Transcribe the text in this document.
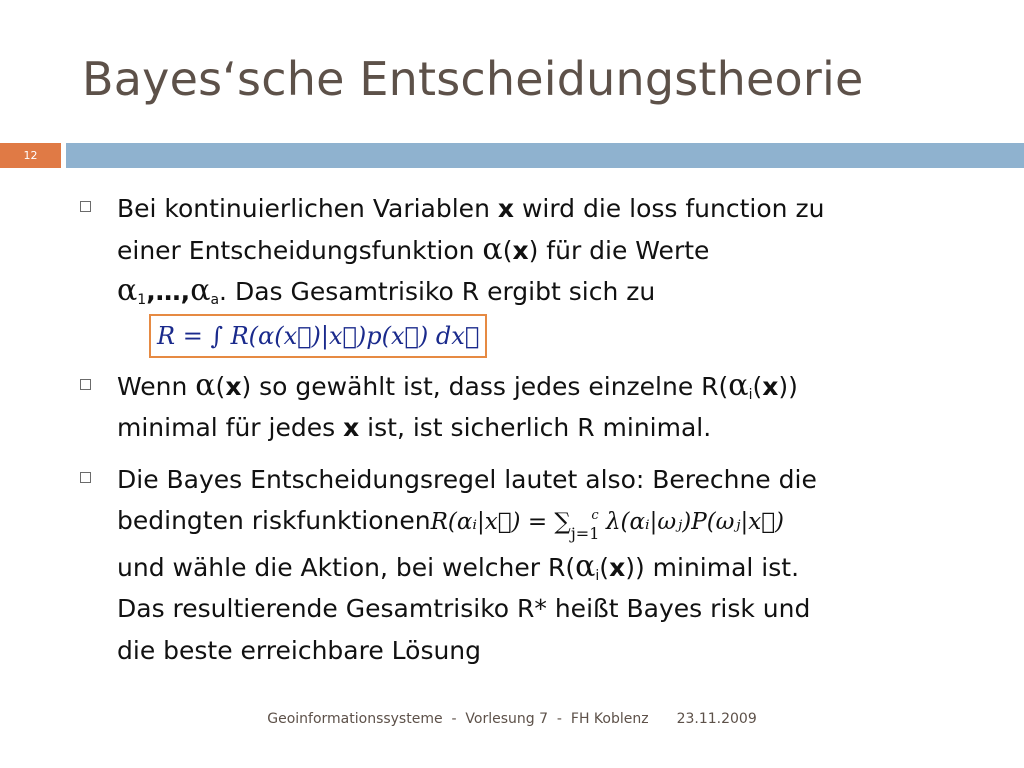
Bayes‘sche Entscheidungstheorie
12
Bei kontinuierlichen Variablen x wird die loss function zu
einer Entscheidungsfunktion α(x) für die Werte
$\alpha_1,\dots,\alpha_a$. Das Gesamtrisiko R ergibt sich zu
R = ∫ R(α(x⃗)|x⃗)p(x⃗) dx⃗
Wenn α(x) so gewählt ist, dass jedes einzelne $R(\alpha_i(x))$
minimal für jedes x ist, ist sicherlich R minimal.
Die Bayes Entscheidungsregel lautet also: Berechne die
bedingten riskfunktionenR(αᵢ|x⃗) = $\sum_{j=1}^c$ λ(αᵢ|ωⱼ)P(ωⱼ|x⃗)
und wähle die Aktion, bei welcher $R(\alpha_i(x))$ minimal ist.
Das resultierende Gesamtrisiko R* heißt Bayes risk und
die beste erreichbare Lösung
Geoinformationssysteme  -  Vorlesung 7  -  FH Koblenz 23.11.2009
